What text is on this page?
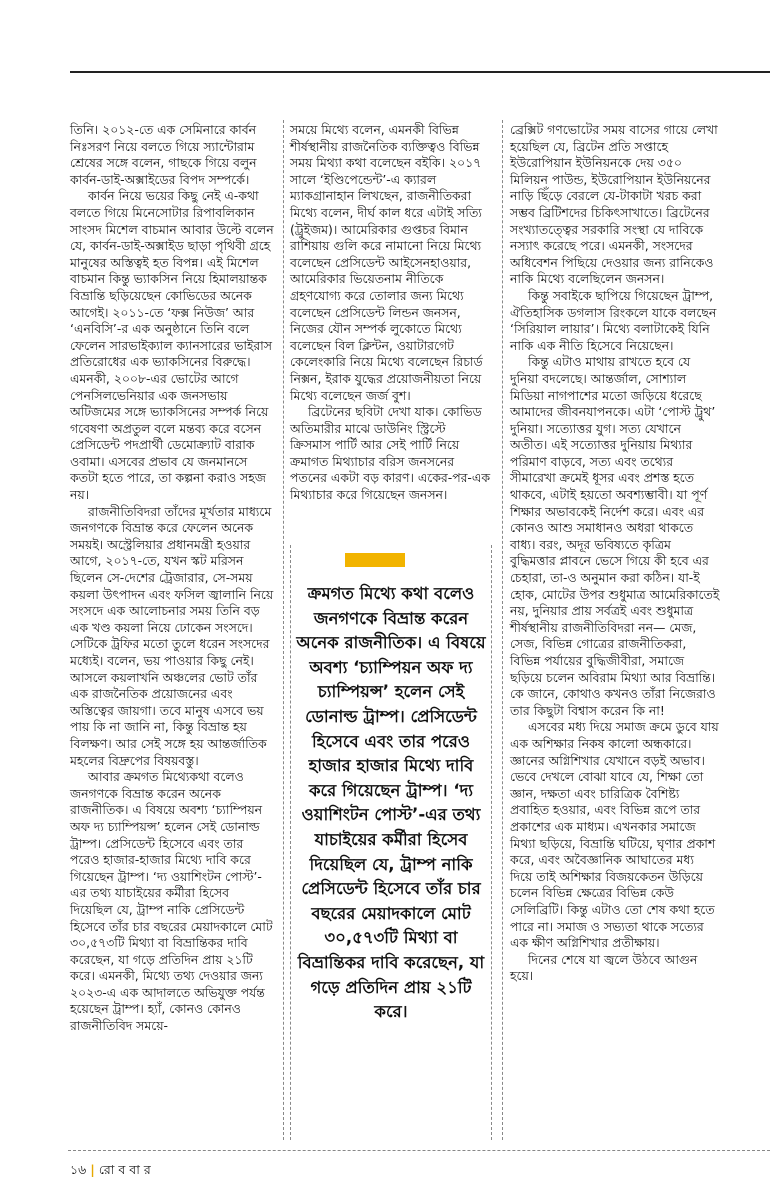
তিনি। ২০১২-তে এক সেমিনারে কার্বন নিঃসরণ নিয়ে বলতে গিয়ে স্যান্টোরাম শ্রেষের সঙ্গে বলেন, গাছকে গিয়ে বলুন কার্বন-ডাই-অক্সাইডের বিপদ সম্পর্কে।

কার্বন নিয়ে ভয়ের কিছু নেই এ-কথা বলতে গিয়ে মিনেসোটার রিপাবলিকান সাংসদ মিশেল বাচমান আবার উল্টে বলেন যে, কার্বন-ডাই-অক্সাইড ছাড়া পৃথিবী গ্রহে মানুষের অস্তিত্বই হত বিপন্ন। এই মিশেল বাচমান কিন্তু ভ্যাকসিন নিয়ে হিমালয়ান্তক বিভ্রান্তি ছড়িয়েছেন কোভিডের অনেক আগেই। ২০১১-তে ‘ফক্স নিউজ’ আর ‘এনবিসি’-র এক অনুষ্ঠানে তিনি বলে ফেলেন সারভাইক্যাল ক্যানসারের ভাইরাস প্রতিরোধের এক ভ্যাকসিনের বিরুদ্ধে। এমনকী, ২০০৮-এর ভোটের আগে পেনসিলভেনিয়ার এক জনসভায় অটিজমের সঙ্গে ভ্যাকসিনের সম্পর্ক নিয়ে গবেষণা অপ্রতুল বলে মন্তব্য করে বসেন প্রেসিডেন্ট পদপ্রার্থী ডেমোক্র্যাট বারাক ওবামা। এসবের প্রভাব যে জনমানসে কতটা হতে পারে, তা কল্পনা করাও সহজ নয়।

রাজনীতিবিদরা তাঁদের মূর্খতার মাধ্যমে জনগণকে বিভ্রান্ত করে ফেলেন অনেক সময়ই। অস্ট্রেলিয়ার প্রধানমন্ত্রী হওয়ার আগে, ২০১৭-তে, যখন স্কট মরিসন ছিলেন সে-দেশের ট্রেজারার, সে-সময় কয়লা উৎপাদন এবং ফসিল জ্বালানি নিয়ে সংসদে এক আলোচনার সময় তিনি বড় এক খণ্ড কয়লা নিয়ে ঢোকেন সংসদে। সেটিকে ট্রফির মতো তুলে ধরেন সংসদের মধ্যেই। বলেন, ভয় পাওয়ার কিছু নেই। আসলে কয়লাখনি অঞ্চলের ভোট তাঁর এক রাজনৈতিক প্রয়োজনের এবং অস্তিত্বের জায়গা। তবে মানুষ এসবে ভয় পায় কি না জানি না, কিন্তু বিভ্রান্ত হয় বিলক্ষণ। আর সেই সঙ্গে হয় আন্তর্জাতিক মহলের বিদ্রুপের বিষয়বস্তু।

আবার ক্রমগত মিথ্যেকথা বলেও জনগণকে বিভ্রান্ত করেন অনেক রাজনীতিক। এ বিষয়ে অবশ্য ‘চ্যাম্পিয়ন অফ দ্য চ্যাম্পিয়ন্স’ হলেন সেই ডোনাল্ড ট্রাম্প। প্রেসিডেন্ট হিসেবে এবং তার পরেও হাজার-হাজার মিথ্যে দাবি করে গিয়েছেন ট্রাম্প। ‘দ্য ওয়াশিংটন পোস্ট’-এর তথ্য যাচাইয়ের কর্মীরা হিসেব দিয়েছিল যে, ট্রাম্প নাকি প্রেসিডেন্ট হিসেবে তাঁর চার বছরের মেয়াদকালে মোট ৩০,৫৭৩টি মিথ্যা বা বিভ্রান্তিকর দাবি করেছেন, যা গড়ে প্রতিদিন প্রায় ২১টি করে। এমনকী, মিথ্যে তথ্য দেওয়ার জন্য ২০২৩-এ এক আদালতে অভিযুক্ত পর্যন্ত হয়েছেন ট্রাম্প। হ্যাঁ, কোনও কোনও রাজনীতিবিদ সময়ে-

সময়ে মিথ্যে বলেন, এমনকী বিভিন্ন শীর্ষস্থানীয় রাজনৈতিক ব্যক্তিত্বও বিভিন্ন সময় মিথ্যা কথা বলেছেন বইকি। ২০১৭ সালে ‘ইণ্ডিপেন্ডেন্ট’-এ ক্যারল ম্যাকগ্রানাহান লিখছেন, রাজনীতিকরা মিথ্যে বলেন, দীর্ঘ কাল ধরে এটাই সত্যি (ট্রুইজম)। আমেরিকার গুপ্তচর বিমান রাশিয়ায় গুলি করে নামানো নিয়ে মিথ্যে বলেছেন প্রেসিডেন্ট আইসেনহাওয়ার, আমেরিকার ভিয়েতনাম নীতিকে গ্রহণযোগ্য করে তোলার জন্য মিথ্যে বলেছেন প্রেসিডেন্ট লিন্ডন জনসন, নিজের যৌন সম্পর্ক লুকোতে মিথ্যে বলেছেন বিল ক্লিন্টন, ওয়াটারগেট কেলেংকারি নিয়ে মিথ্যে বলেছেন রিচার্ড নিক্সন, ইরাক যুদ্ধের প্রয়োজনীয়তা নিয়ে মিথ্যে বলেছেন জর্জ বুশ।

ব্রিটেনের ছবিটা দেখা যাক। কোভিড অতিমারীর মাঝে ডাউনিং স্ট্রিস্টে ক্রিসমাস পার্টি আর সেই পার্টি নিয়ে ক্রমাগত মিথ্যাচার বরিস জনসনের পতনের একটা বড় কারণ। একের-পর-এক মিথ্যাচার করে গিয়েছেন জনসন।

ক্রমগত মিথ্যে কথা বলেও জনগণকে বিভ্রান্ত করেন অনেক রাজনীতিক। এ বিষয়ে অবশ্য ‘চ্যাম্পিয়ন অফ দ্য চ্যাম্পিয়ন্স’ হলেন সেই ডোনাল্ড ট্রাম্প। প্রেসিডেন্ট হিসেবে এবং তার পরেও হাজার হাজার মিথ্যে দাবি করে গিয়েছেন ট্রাম্প। ‘দ্য ওয়াশিংটন পোস্ট’-এর তথ্য যাচাইয়ের কর্মীরা হিসেব দিয়েছিল যে, ট্রাম্প নাকি প্রেসিডেন্ট হিসেবে তাঁর চার বছরের মেয়াদকালে মোট ৩০,৫৭৩টি মিথ্যা বা বিভ্রান্তিকর দাবি করেছেন, যা গড়ে প্রতিদিন প্রায় ২১টি করে।

ব্রেক্সিট গণভোটের সময় বাসের গায়ে লেখা হয়েছিল যে, ব্রিটেন প্রতি সপ্তাহে ইউরোপিয়ান ইউনিয়নকে দেয় ৩৫০ মিলিয়ন পাউন্ড, ইউরোপিয়ান ইউনিয়নের নাড়ি ছিঁড়ে বেরলে যে-টাকাটা খরচ করা সম্ভব ব্রিটিশদের চিকিৎসাখাতে। ব্রিটেনের সংখ্যাতত্ত্বের সরকারি সংস্থা যে দাবিকে নস্যাৎ করেছে পরে। এমনকী, সংসদের অধিবেশন পিছিয়ে দেওয়ার জন্য রানিকেও নাকি মিথ্যে বলেছিলেন জনসন।

কিন্তু সবাইকে ছাপিয়ে গিয়েছেন ট্রাম্প, ঐতিহাসিক ডগলাস রিংকলে যাকে বলছেন ‘সিরিয়াল লায়ার’। মিথ্যে বলাটাকেই যিনি নাকি এক নীতি হিসেবে নিয়েছেন।

কিন্তু এটাও মাথায় রাখতে হবে যে দুনিয়া বদলেছে। আন্তর্জাল, সোশ্যাল মিডিয়া নাগপাশের মতো জড়িয়ে ধরেছে আমাদের জীবনযাপনকে। এটা ‘পোস্ট ট্রুথ’ দুনিয়া। সত্যোত্তর যুগ। সত্য যেখানে অতীত। এই সত্যোত্তর দুনিয়ায় মিথ্যার পরিমাণ বাড়বে, সত্য এবং তথ্যের সীমারেখা ক্রমেই ধূসর এবং প্রশস্ত হতে থাকবে, এটাই হয়তো অবশ্যম্ভাবী। যা পূর্ণ শিক্ষার অভাবকেই নির্দেশ করে। এবং এর কোনও আশু সমাধানও অধরা থাকতে বাধ্য। বরং, অদূর ভবিষ্যতে কৃত্রিম বুদ্ধিমত্তার প্লাবনে ভেসে গিয়ে কী হবে এর চেহারা, তা-ও অনুমান করা কঠিন। যা-ই হোক, মোটের উপর শুধুমাত্র আমেরিকাতেই নয়, দুনিয়ার প্রায় সর্বত্রই এবং শুধুমাত্র শীর্ষস্থানীয় রাজনীতিবিদরা নন— মেজ, সেজ, বিভিন্ন গোত্রের রাজনীতিকরা, বিভিন্ন পর্যায়ের বুদ্ধিজীবীরা, সমাজে ছড়িয়ে চলেন অবিরাম মিথ্যা আর বিভ্রান্তি। কে জানে, কোথাও কখনও তাঁরা নিজেরাও তার কিছুটা বিশ্বাস করেন কি না!

এসবের মধ্য দিয়ে সমাজ ক্রমে ডুবে যায় এক অশিক্ষার নিকষ কালো অন্ধকারে। জ্ঞানের অগ্নিশিখার যেখানে বড়ই অভাব। ভেবে দেখলে বোঝা যাবে যে, শিক্ষা তো জ্ঞান, দক্ষতা এবং চারিত্রিক বৈশিষ্ট্য প্রবাহিত হওয়ার, এবং বিভিন্ন রূপে তার প্রকাশের এক মাধ্যম। এখনকার সমাজে মিথ্যা ছড়িয়ে, বিভ্রান্তি ঘটিয়ে, ঘৃণার প্রকাশ করে, এবং অবৈজ্ঞানিক আঘাতের মধ্য দিয়ে তাই অশিক্ষার বিজয়কেতন উড়িয়ে চলেন বিভিন্ন ক্ষেত্রের বিভিন্ন কেউ সেলিব্রিটি। কিন্তু এটাও তো শেষ কথা হতে পারে না। সমাজ ও সভ্যতা থাকে সত্যের এক ক্ষীণ অগ্নিশিখার প্রতীক্ষায়।

দিনের শেষে যা জ্বলে উঠবে আগুন হয়ে।

১৬ | রো ব বা র
